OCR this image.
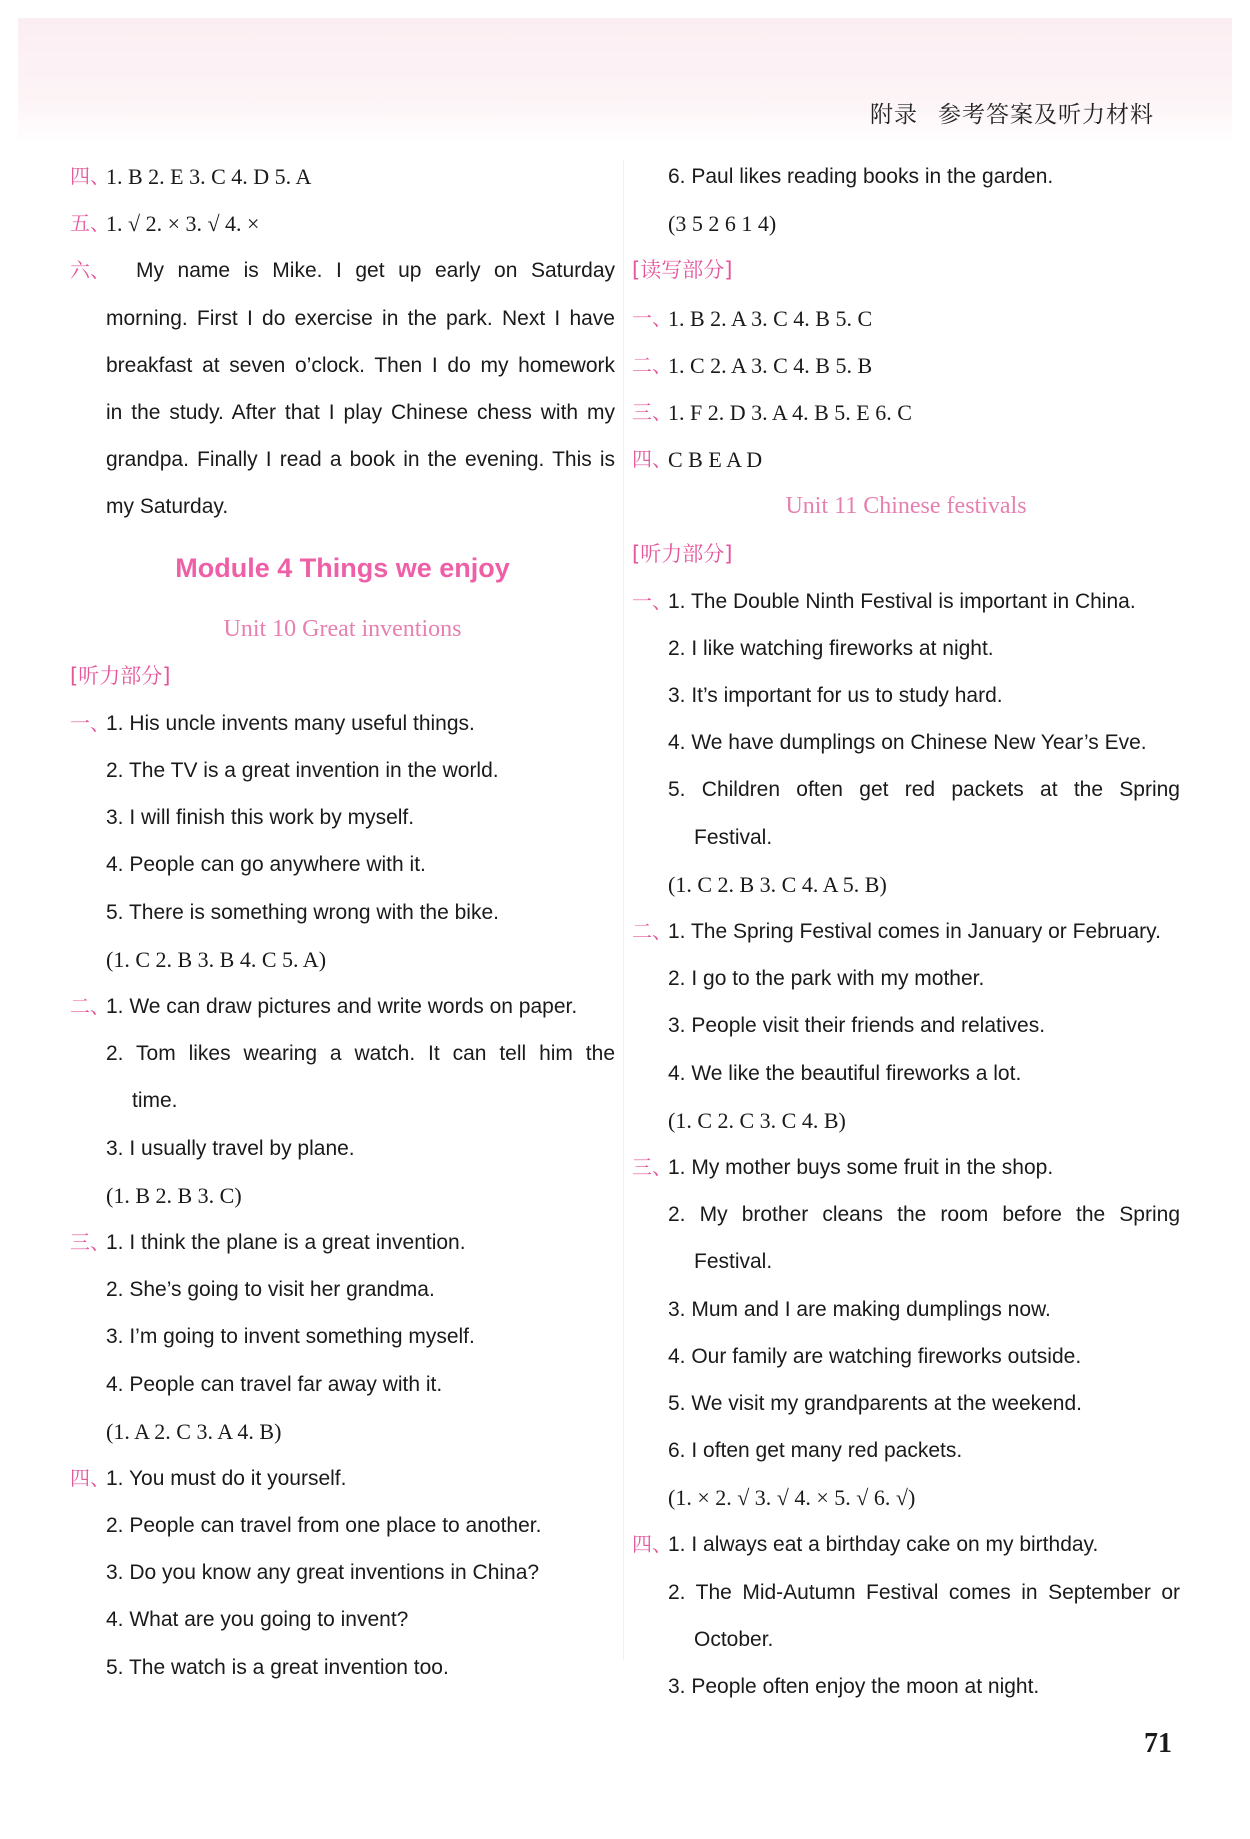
附录 参考答案及听力材料
四、
1. B 2. E 3. C 4. D 5. A
五、
1. √ 2. × 3. √ 4. ×
六、 My name is Mike. I get up early on Saturday
morning. First I do exercise in the park. Next I have
breakfast at seven o’clock. Then I do my homework
in the study. After that I play Chinese chess with my
grandpa. Finally I read a book in the evening. This is
my Saturday.
Module 4 Things we enjoy
Unit 10 Great inventions
[听力部分]
一、
1. His uncle invents many useful things.
2. The TV is a great invention in the world.
3. I will finish this work by myself.
4. People can go anywhere with it.
5. There is something wrong with the bike.
(1. C 2. B 3. B 4. C 5. A)
二、
1. We can draw pictures and write words on paper.
2. Tom likes wearing a watch. It can tell him the
time.
3. I usually travel by plane.
(1. B 2. B 3. C)
三、
1. I think the plane is a great invention.
2. She’s going to visit her grandma.
3. I’m going to invent something myself.
4. People can travel far away with it.
(1. A 2. C 3. A 4. B)
四、
1. You must do it yourself.
2. People can travel from one place to another.
3. Do you know any great inventions in China?
4. What are you going to invent?
5. The watch is a great invention too.
6. Paul likes reading books in the garden.
(3 5 2 6 1 4)
[读写部分]
一、
1. B 2. A 3. C 4. B 5. C
二、
1. C 2. A 3. C 4. B 5. B
三、
1. F 2. D 3. A 4. B 5. E 6. C
四、
C B E A D
Unit 11 Chinese festivals
[听力部分]
一、
1. The Double Ninth Festival is important in China.
2. I like watching fireworks at night.
3. It’s important for us to study hard.
4. We have dumplings on Chinese New Year’s Eve.
5. Children often get red packets at the Spring
Festival.
(1. C 2. B 3. C 4. A 5. B)
二、
1. The Spring Festival comes in January or February.
2. I go to the park with my mother.
3. People visit their friends and relatives.
4. We like the beautiful fireworks a lot.
(1. C 2. C 3. C 4. B)
三、
1. My mother buys some fruit in the shop.
2. My brother cleans the room before the Spring
Festival.
3. Mum and I are making dumplings now.
4. Our family are watching fireworks outside.
5. We visit my grandparents at the weekend.
6. I often get many red packets.
(1. × 2. √ 3. √ 4. × 5. √ 6. √)
四、
1. I always eat a birthday cake on my birthday.
2. The Mid-Autumn Festival comes in September or
October.
3. People often enjoy the moon at night.
71
